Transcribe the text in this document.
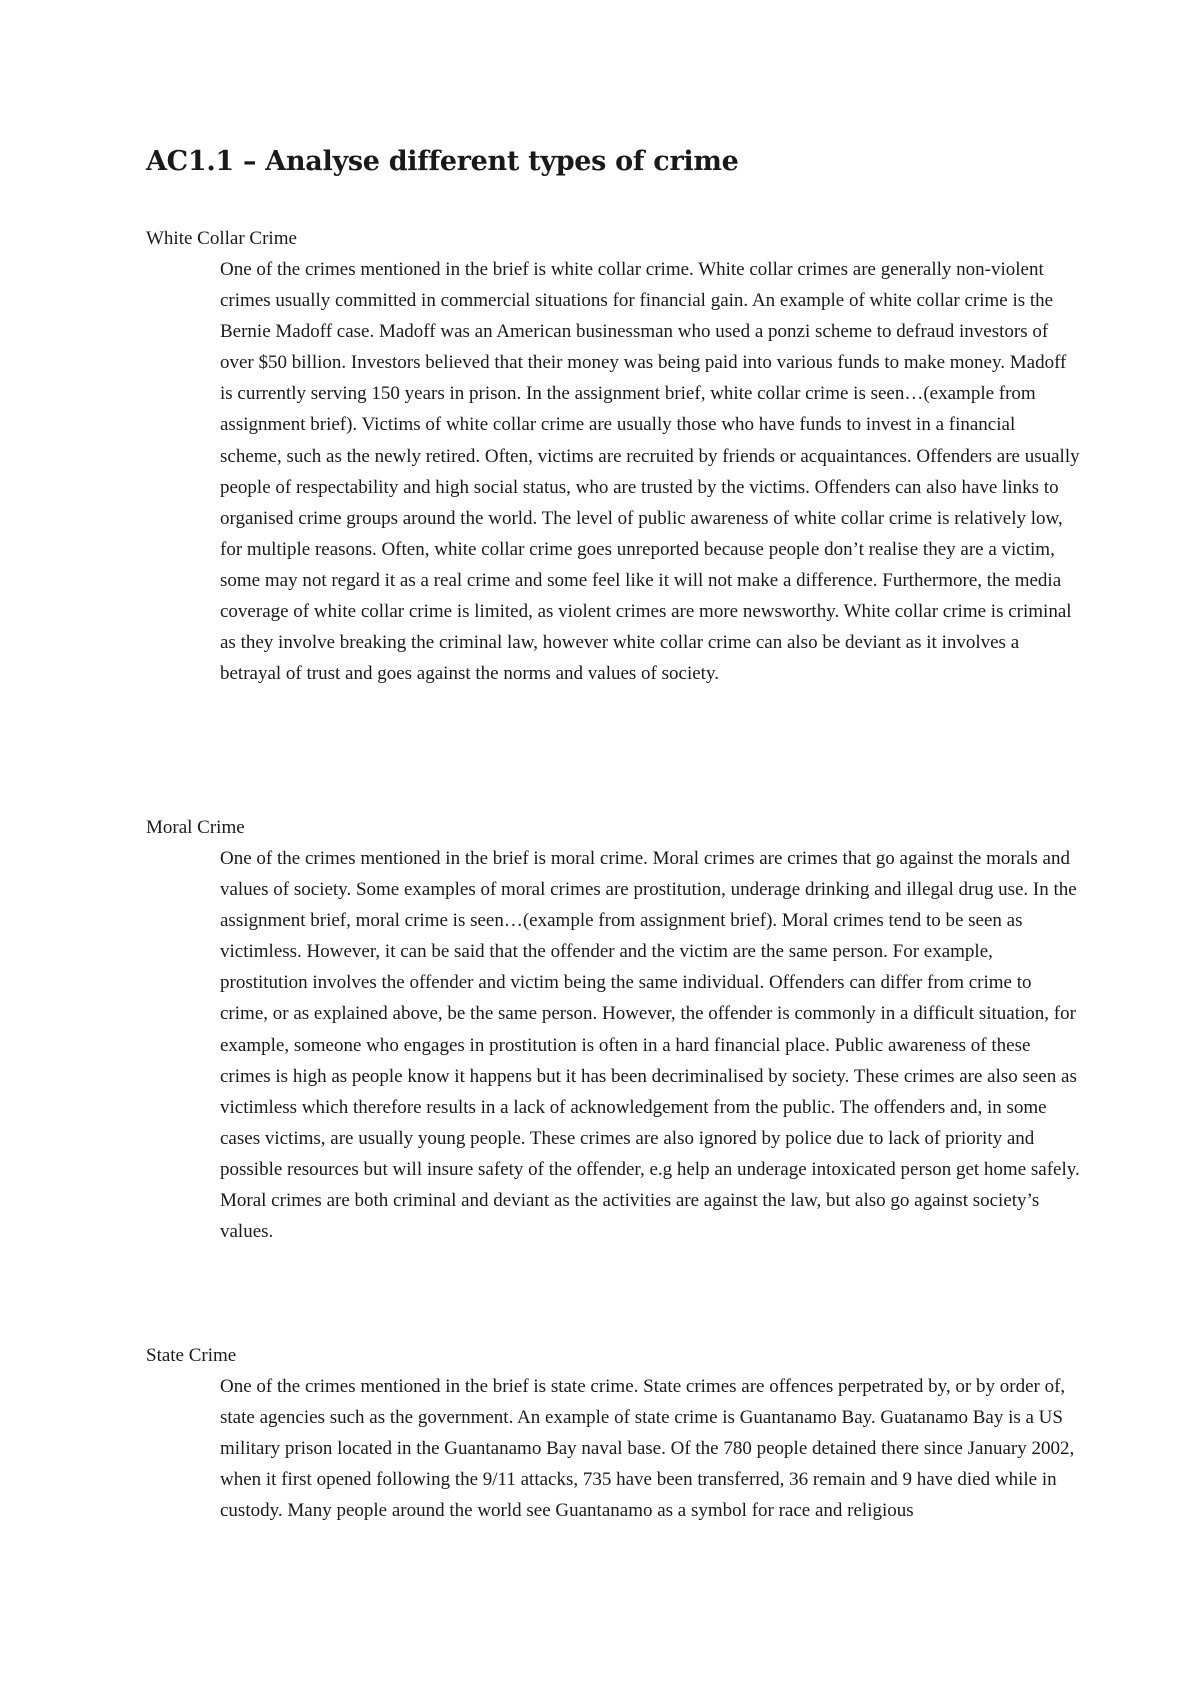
AC1.1 – Analyse different types of crime
White Collar Crime

One of the crimes mentioned in the brief is white collar crime. White collar crimes are generally non-violent crimes usually committed in commercial situations for financial gain. An example of white collar crime is the Bernie Madoff case. Madoff was an American businessman who used a ponzi scheme to defraud investors of over $50 billion. Investors believed that their money was being paid into various funds to make money. Madoff is currently serving 150 years in prison. In the assignment brief, white collar crime is seen…(example from assignment brief). Victims of white collar crime are usually those who have funds to invest in a financial scheme, such as the newly retired. Often, victims are recruited by friends or acquaintances. Offenders are usually people of respectability and high social status, who are trusted by the victims. Offenders can also have links to organised crime groups around the world. The level of public awareness of white collar crime is relatively low, for multiple reasons. Often, white collar crime goes unreported because people don’t realise they are a victim, some may not regard it as a real crime and some feel like it will not make a difference. Furthermore, the media coverage of white collar crime is limited, as violent crimes are more newsworthy. White collar crime is criminal as they involve breaking the criminal law, however white collar crime can also be deviant as it involves a betrayal of trust and goes against the norms and values of society.

Moral Crime

One of the crimes mentioned in the brief is moral crime. Moral crimes are crimes that go against the morals and values of society. Some examples of moral crimes are prostitution, underage drinking and illegal drug use. In the assignment brief, moral crime is seen…(example from assignment brief). Moral crimes tend to be seen as victimless. However, it can be said that the offender and the victim are the same person. For example, prostitution involves the offender and victim being the same individual. Offenders can differ from crime to crime, or as explained above, be the same person. However, the offender is commonly in a difficult situation, for example, someone who engages in prostitution is often in a hard financial place. Public awareness of these crimes is high as people know it happens but it has been decriminalised by society. These crimes are also seen as victimless which therefore results in a lack of acknowledgement from the public. The offenders and, in some cases victims, are usually young people. These crimes are also ignored by police due to lack of priority and possible resources but will insure safety of the offender, e.g help an underage intoxicated person get home safely. Moral crimes are both criminal and deviant as the activities are against the law, but also go against society’s values.

State Crime

One of the crimes mentioned in the brief is state crime. State crimes are offences perpetrated by, or by order of, state agencies such as the government. An example of state crime is Guantanamo Bay. Guatanamo Bay is a US military prison located in the Guantanamo Bay naval base. Of the 780 people detained there since January 2002, when it first opened following the 9/11 attacks, 735 have been transferred, 36 remain and 9 have died while in custody. Many people around the world see Guantanamo as a symbol for race and religious
